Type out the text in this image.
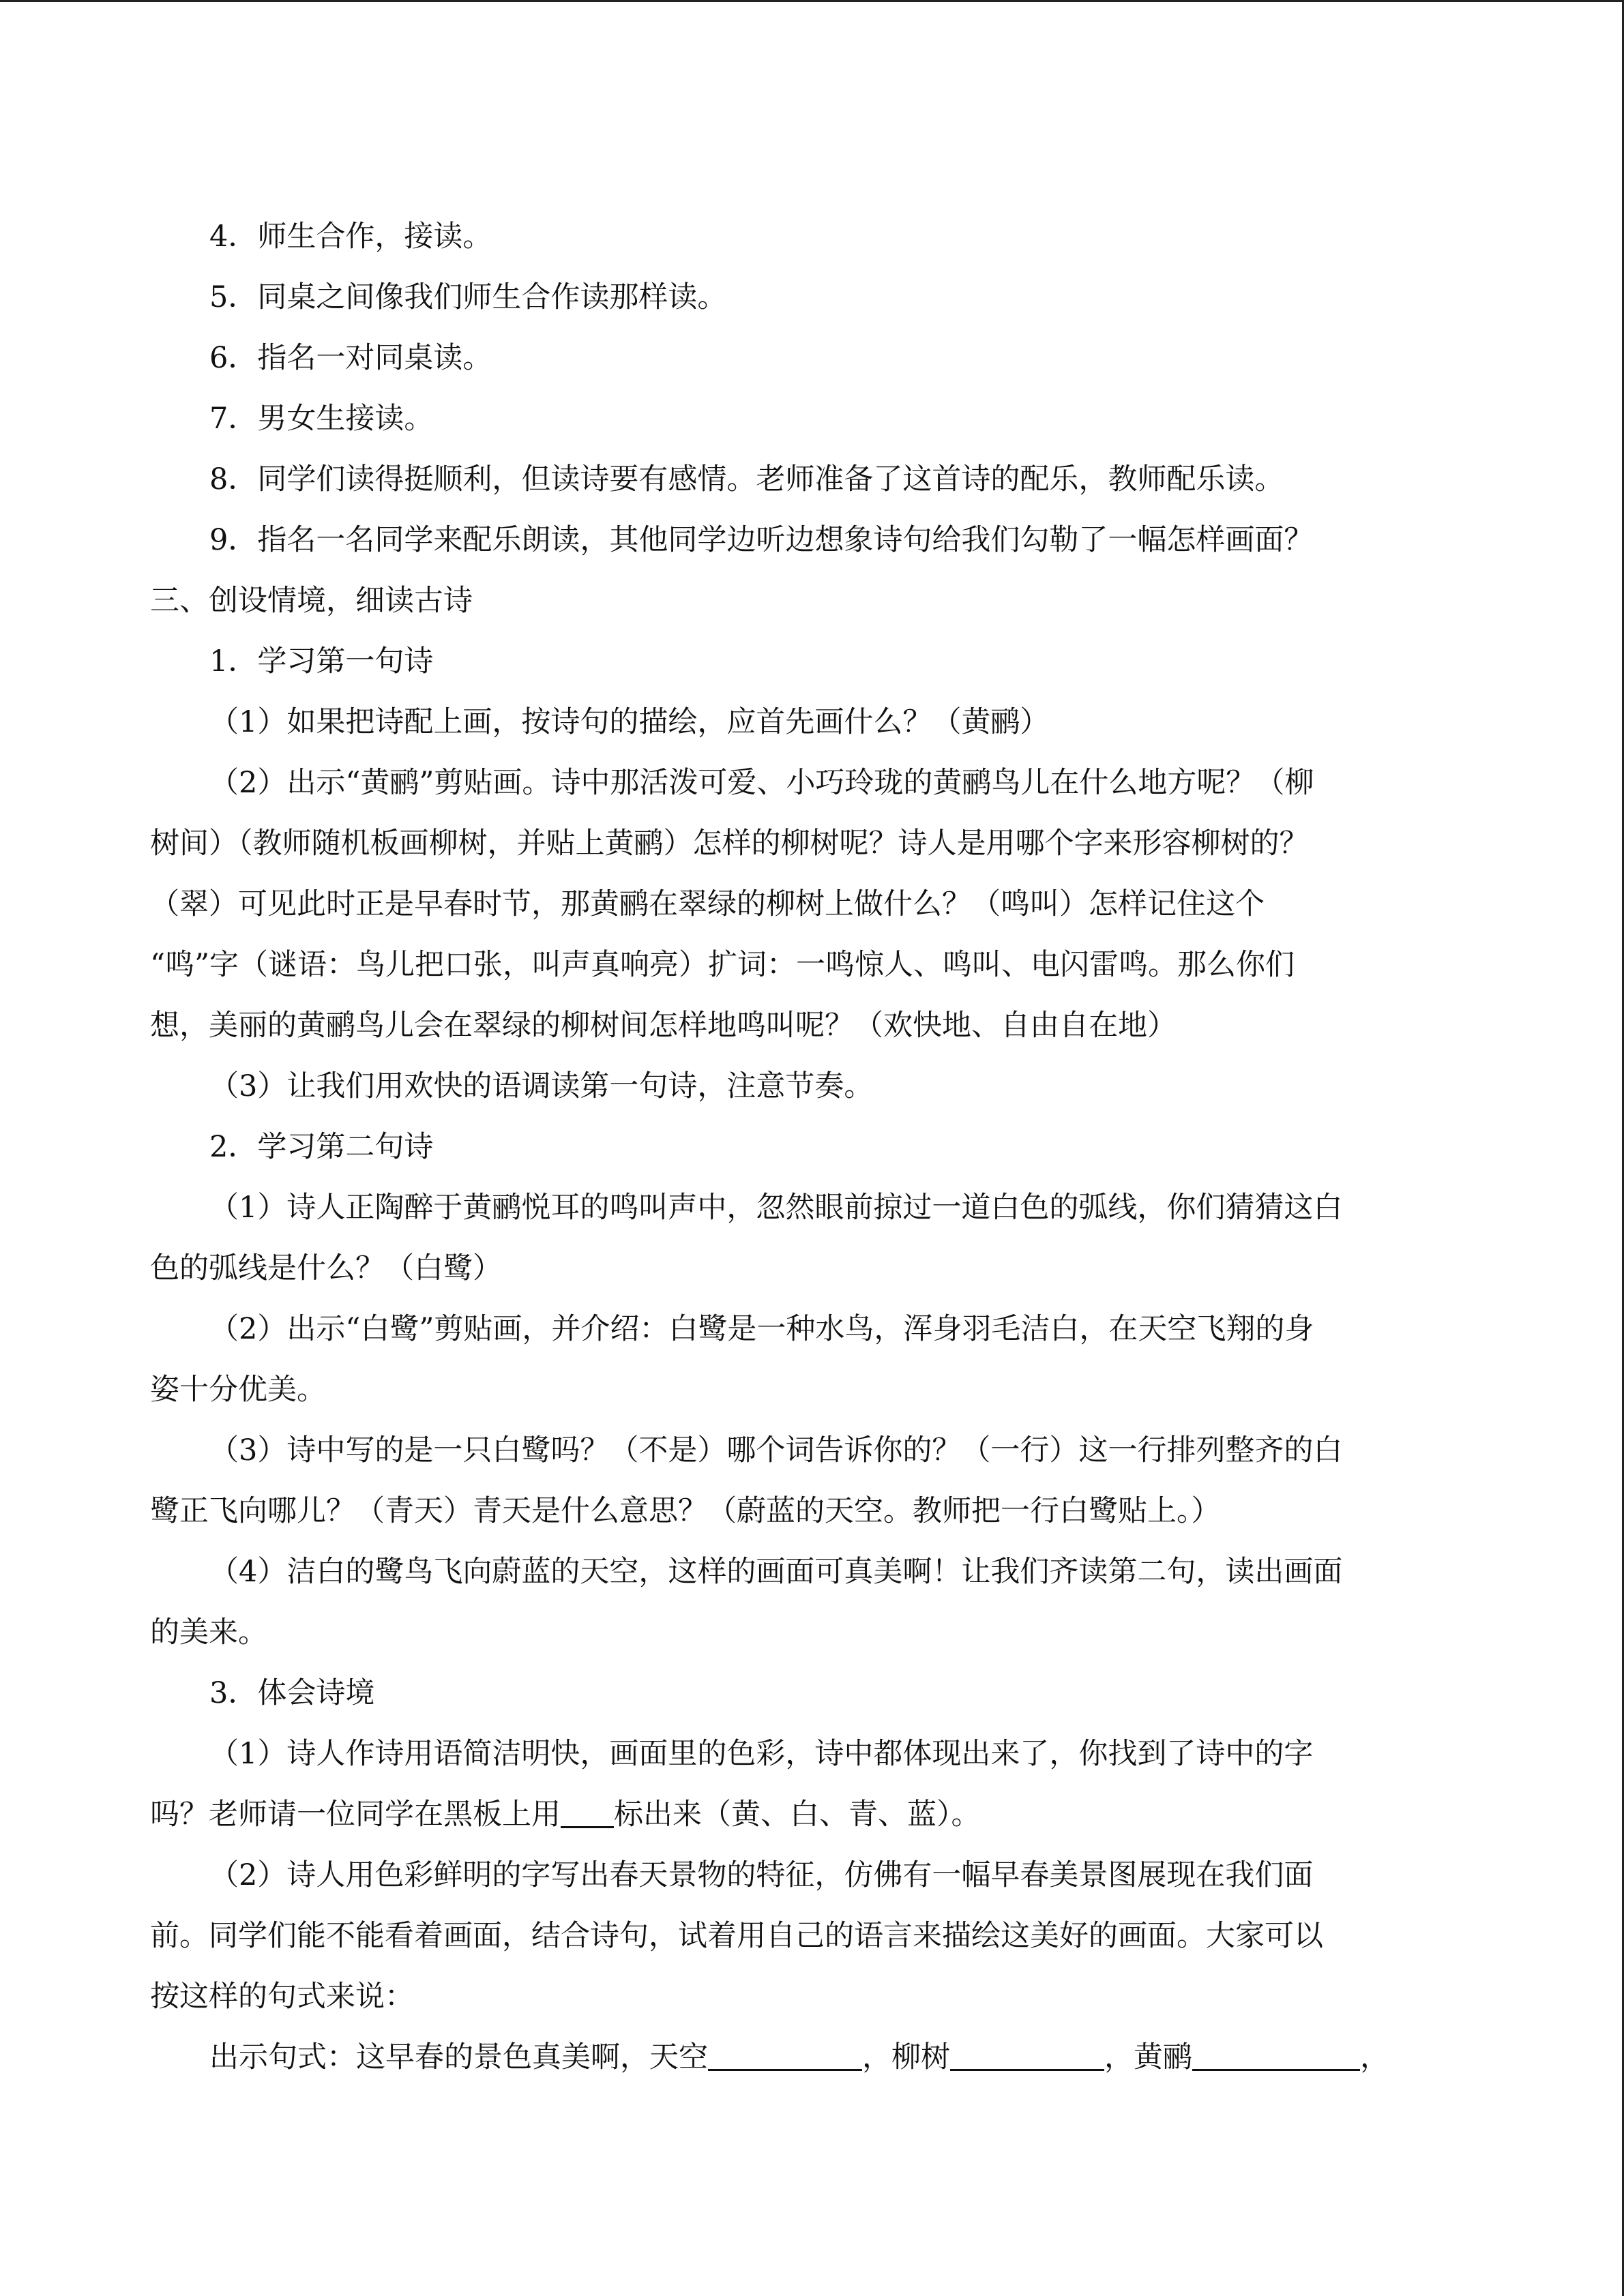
4．师生合作，接读。
5．同桌之间像我们师生合作读那样读。
6．指名一对同桌读。
7．男女生接读。
8．同学们读得挺顺利，但读诗要有感情。老师准备了这首诗的配乐，教师配乐读。
9．指名一名同学来配乐朗读，其他同学边听边想象诗句给我们勾勒了一幅怎样画面？
三、创设情境，细读古诗
1．学习第一句诗
（1）如果把诗配上画，按诗句的描绘，应首先画什么？（黄鹂）
（2）出示“黄鹂”剪贴画。诗中那活泼可爱、小巧玲珑的黄鹂鸟儿在什么地方呢？（柳
树间）（教师随机板画柳树，并贴上黄鹂）怎样的柳树呢？诗人是用哪个字来形容柳树的？
（翠）可见此时正是早春时节，那黄鹂在翠绿的柳树上做什么？（鸣叫）怎样记住这个
“鸣”字（谜语：鸟儿把口张，叫声真响亮）扩词：一鸣惊人、鸣叫、电闪雷鸣。那么你们
想，美丽的黄鹂鸟儿会在翠绿的柳树间怎样地鸣叫呢？（欢快地、自由自在地）
（3）让我们用欢快的语调读第一句诗，注意节奏。
2．学习第二句诗
（1）诗人正陶醉于黄鹂悦耳的鸣叫声中，忽然眼前掠过一道白色的弧线，你们猜猜这白
色的弧线是什么？（白鹭）
（2）出示“白鹭”剪贴画，并介绍：白鹭是一种水鸟，浑身羽毛洁白，在天空飞翔的身
姿十分优美。
（3）诗中写的是一只白鹭吗？（不是）哪个词告诉你的？（一行）这一行排列整齐的白
鹭正飞向哪儿？（青天）青天是什么意思？（蔚蓝的天空。教师把一行白鹭贴上。）
（4）洁白的鹭鸟飞向蔚蓝的天空，这样的画面可真美啊！让我们齐读第二句，读出画面
的美来。
3．体会诗境
（1）诗人作诗用语简洁明快，画面里的色彩，诗中都体现出来了，你找到了诗中的字
吗？老师请一位同学在黑板上用 标出来（黄、白、青、蓝）。
（2）诗人用色彩鲜明的字写出春天景物的特征，仿佛有一幅早春美景图展现在我们面
前。同学们能不能看着画面，结合诗句，试着用自己的语言来描绘这美好的画面。大家可以
按这样的句式来说：
出示句式：这早春的景色真美啊，天空	，柳树	，黄鹂	，
